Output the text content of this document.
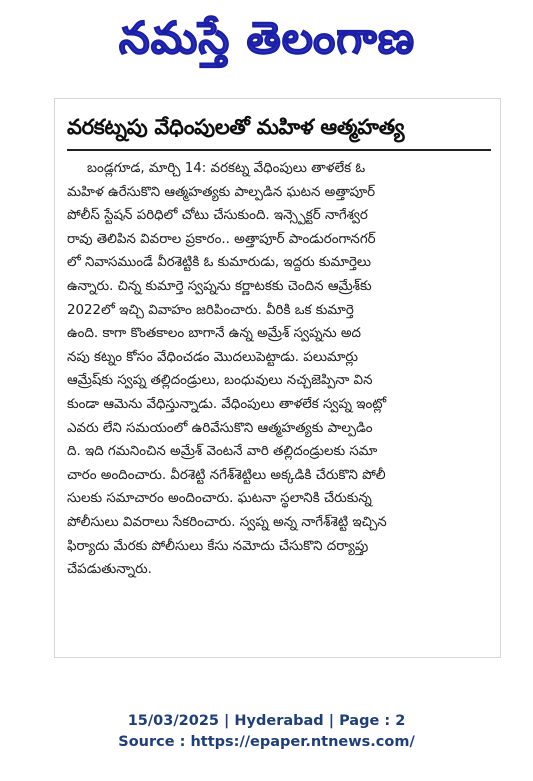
నమస్తే తెలంగాణ
వరకట్నపు వేధింపులతో మహిళ ఆత్మహత్య
బండ్లగూడ, మార్చి 14: వరకట్న వేధింపులు తాళలేక ఓ
మహిళ ఉరేసుకొని ఆత్మహత్యకు పాల్పడిన ఘటన అత్తాపూర్
పోలీస్ స్టేషన్ పరిధిలో చోటు చేసుకుంది. ఇన్స్పెక్టర్ నాగేశ్వర
రావు తెలిపిన వివరాల ప్రకారం.. అత్తాపూర్ పాండురంగానగర్
లో నివాసముండే వీరశెట్టికి ఓ కుమారుడు, ఇద్దరు కుమార్తెలు
ఉన్నారు. చిన్న కుమార్తె స్వప్నను కర్ణాటకకు చెందిన ఆమ్రేశ్‌కు
2022లో ఇచ్చి వివాహం జరిపించారు. వీరికి ఒక కుమార్తె
ఉంది. కాగా కొంతకాలం బాగానే ఉన్న అమ్రేశ్ స్వప్నను అద
నపు కట్నం కోసం వేధించడం మొదలుపెట్టాడు. పలుమార్లు
ఆమ్రేష్‌కు స్వప్న తల్లిదండ్రులు, బంధువులు నచ్చజెప్పినా విన
కుండా ఆమెను వేధిస్తున్నాడు. వేధింపులు తాళలేక స్వప్న ఇంట్లో
ఎవరు లేని సమయంలో ఉరివేసుకొని ఆత్మహత్యకు పాల్పడిం
ది. ఇది గమనించిన అమ్రేశ్ వెంటనే వారి తల్లిదండ్రులకు సమా
చారం అందించారు. వీరశెట్టి నగేశ్‌శెట్టిలు అక్కడికి చేరుకొని పోలీ
సులకు సమాచారం అందించారు. ఘటనా స్థలానికి చేరుకున్న
పోలీసులు వివరాలు సేకరించారు. స్వప్న అన్న నాగేశ్‌శెట్టి ఇచ్చిన
ఫిర్యాదు మేరకు పోలీసులు కేసు నమోదు చేసుకొని దర్యాప్తు
చేపడుతున్నారు.
15/03/2025 | Hyderabad | Page : 2
Source : https://epaper.ntnews.com/
